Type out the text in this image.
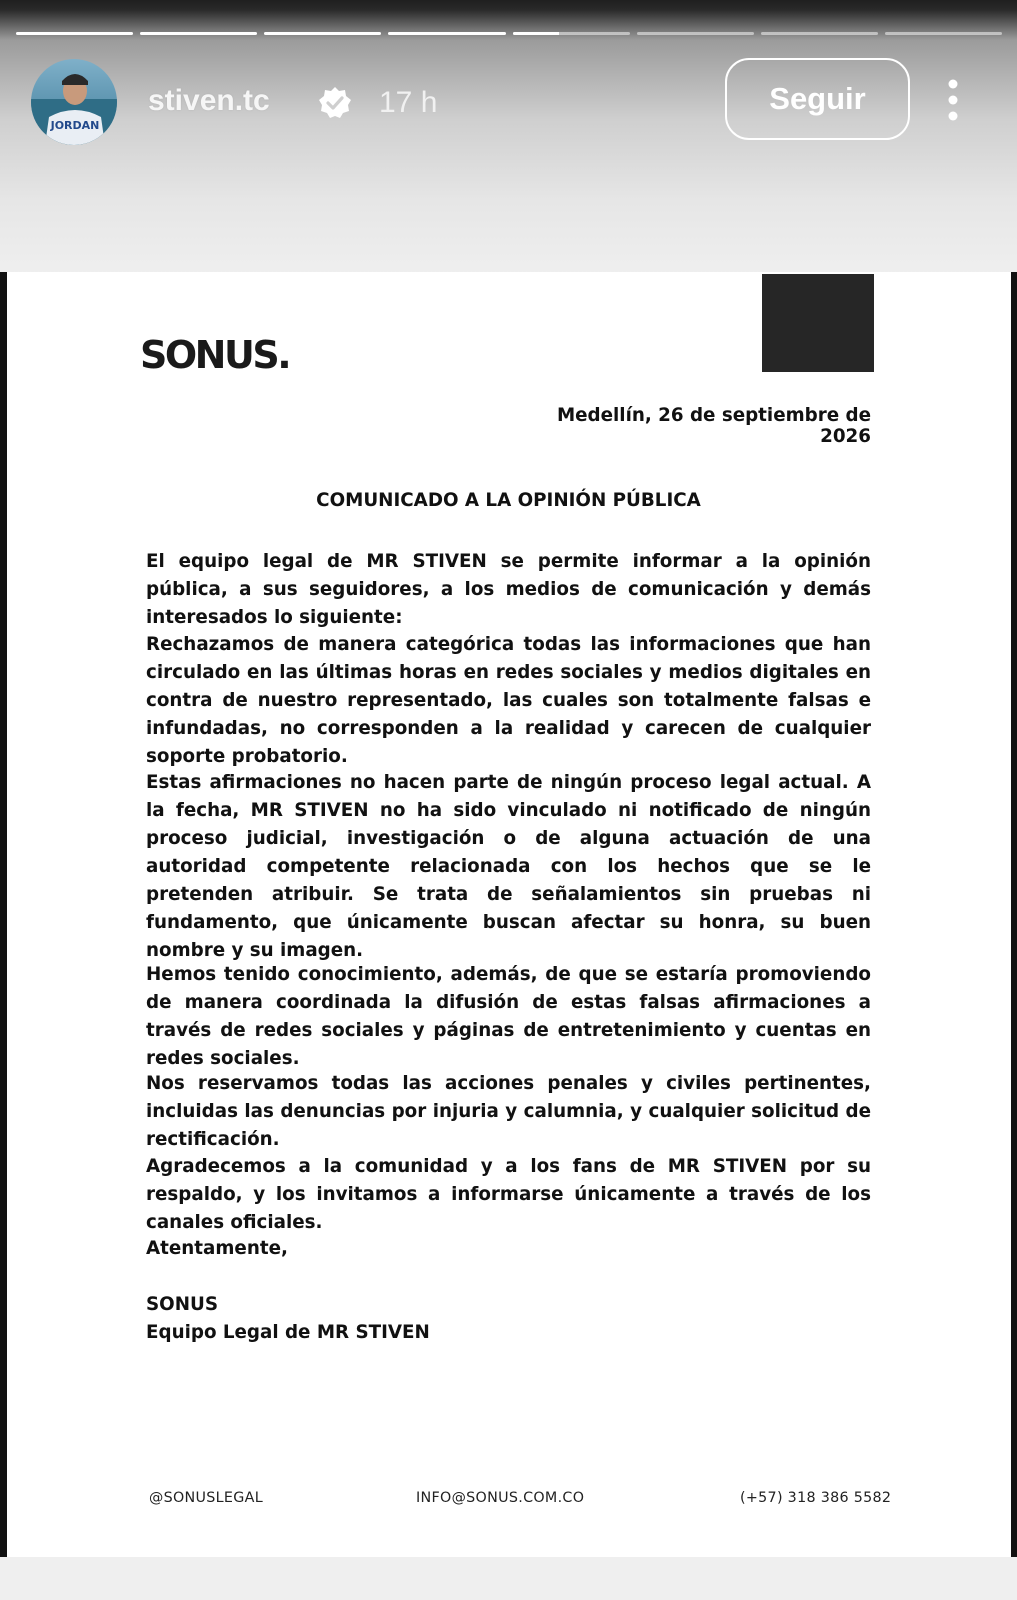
JORDAN
stiven.tc	17 h	Seguir
SONUS.
Medellín, 26 de septiembre de 2026
COMUNICADO A LA OPINIÓN PÚBLICA

El equipo legal de MR STIVEN se permite informar a la opinión pública, a sus seguidores, a los medios de comunicación y demás interesados lo siguiente:

Rechazamos de manera categórica todas las informaciones que han circulado en las últimas horas en redes sociales y medios digitales en contra de nuestro representado, las cuales son totalmente falsas e infundadas, no corresponden a la realidad y carecen de cualquier soporte probatorio.

Estas afirmaciones no hacen parte de ningún proceso legal actual. A la fecha, MR STIVEN no ha sido vinculado ni notificado de ningún proceso judicial, investigación o de alguna actuación de una autoridad competente relacionada con los hechos que se le pretenden atribuir. Se trata de señalamientos sin pruebas ni fundamento, que únicamente buscan afectar su honra, su buen nombre y su imagen.

Hemos tenido conocimiento, además, de que se estaría promoviendo de manera coordinada la difusión de estas falsas afirmaciones a través de redes sociales y páginas de entretenimiento y cuentas en redes sociales.

Nos reservamos todas las acciones penales y civiles pertinentes, incluidas las denuncias por injuria y calumnia, y cualquier solicitud de rectificación.

Agradecemos a la comunidad y a los fans de MR STIVEN por su respaldo, y los invitamos a informarse únicamente a través de los canales oficiales.

Atentamente,

SONUS

Equipo Legal de MR STIVEN

@SONUSLEGAL	INFO@SONUS.COM.CO	(+57) 318 386 5582
